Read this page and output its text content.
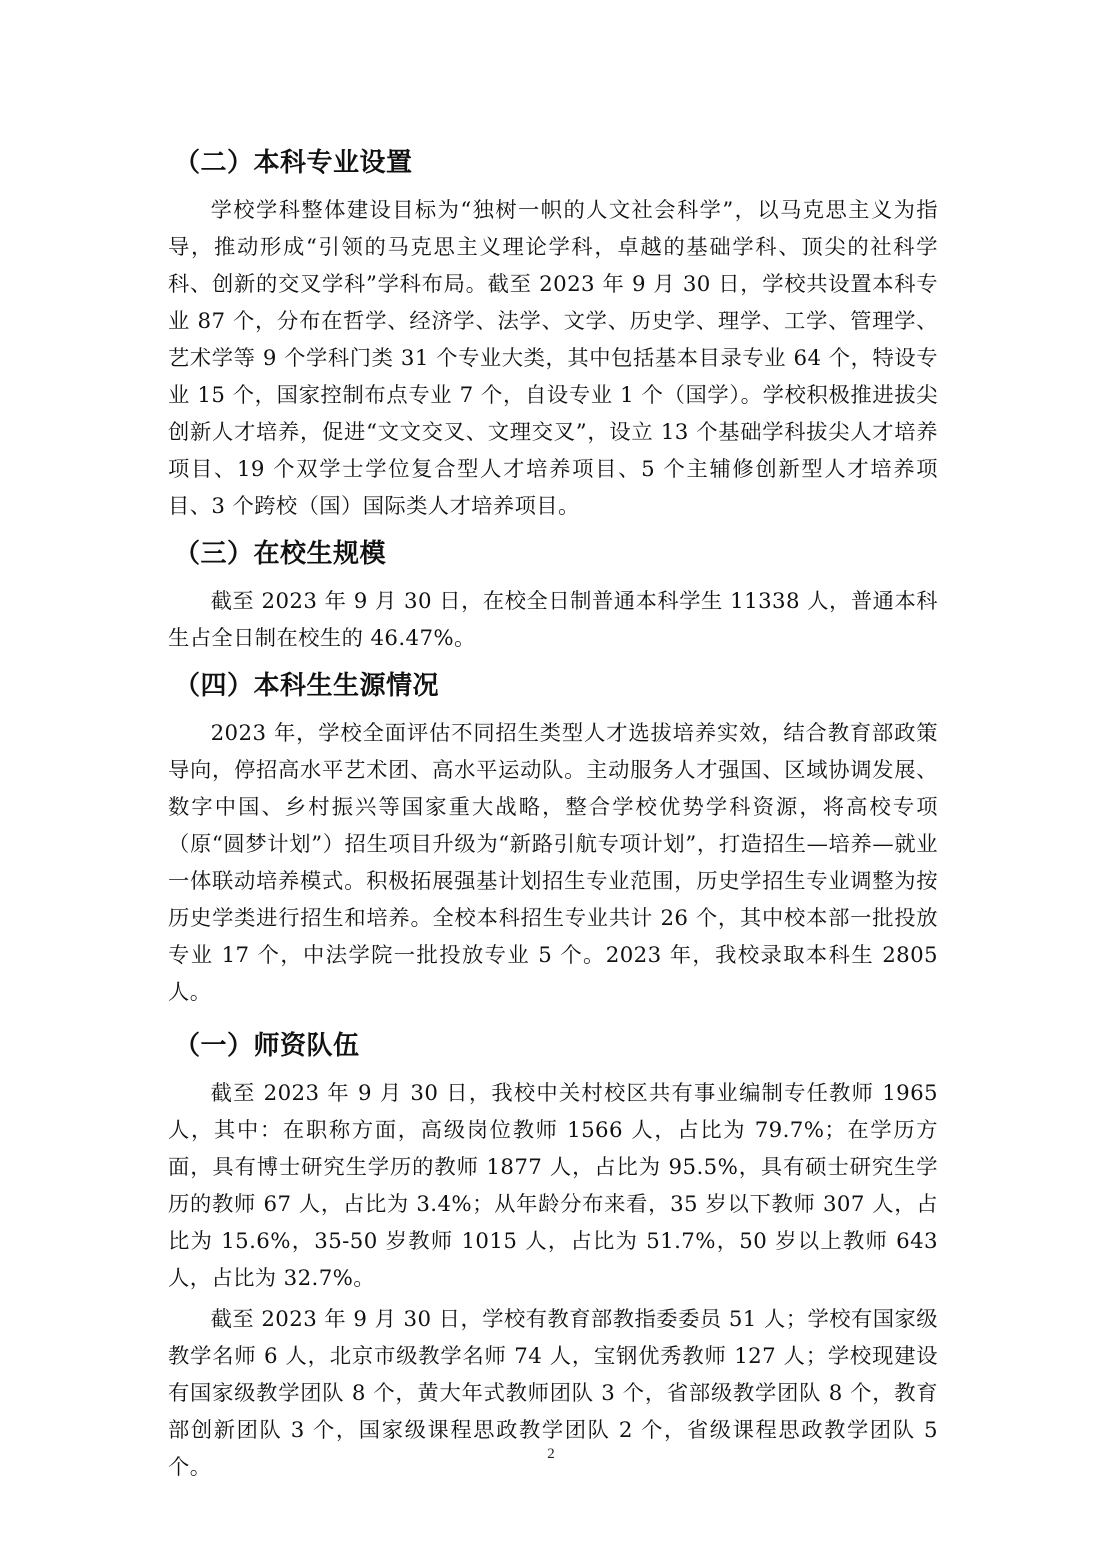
（二）本科专业设置

学校学科整体建设目标为“独树一帜的人文社会科学”，以马克思主义为指导，推动形成“引领的马克思主义理论学科，卓越的基础学科、顶尖的社科学科、创新的交叉学科”学科布局。截至 2023 年 9 月 30 日，学校共设置本科专业 87 个，分布在哲学、经济学、法学、文学、历史学、理学、工学、管理学、艺术学等 9 个学科门类 31 个专业大类，其中包括基本目录专业 64 个，特设专业 15 个，国家控制布点专业 7 个，自设专业 1 个（国学）。学校积极推进拔尖创新人才培养，促进“文文交叉、文理交叉”，设立 13 个基础学科拔尖人才培养项目、19 个双学士学位复合型人才培养项目、5 个主辅修创新型人才培养项目、3 个跨校（国）国际类人才培养项目。

（三）在校生规模

截至 2023 年 9 月 30 日，在校全日制普通本科学生 11338 人，普通本科生占全日制在校生的 46.47%。

（四）本科生生源情况

2023 年，学校全面评估不同招生类型人才选拔培养实效，结合教育部政策导向，停招高水平艺术团、高水平运动队。主动服务人才强国、区域协调发展、数字中国、乡村振兴等国家重大战略，整合学校优势学科资源，将高校专项（原“圆梦计划”）招生项目升级为“新路引航专项计划”，打造招生—培养—就业一体联动培养模式。积极拓展强基计划招生专业范围，历史学招生专业调整为按历史学类进行招生和培养。全校本科招生专业共计 26 个，其中校本部一批投放专业 17 个，中法学院一批投放专业 5 个。2023 年，我校录取本科生 2805 人。

（一）师资队伍

截至 2023 年 9 月 30 日，我校中关村校区共有事业编制专任教师 1965 人，其中：在职称方面，高级岗位教师 1566 人，占比为 79.7%；在学历方面，具有博士研究生学历的教师 1877 人，占比为 95.5%，具有硕士研究生学历的教师 67 人，占比为 3.4%；从年龄分布来看，35 岁以下教师 307 人，占比为 15.6%，35-50 岁教师 1015 人，占比为 51.7%，50 岁以上教师 643 人，占比为 32.7%。

截至 2023 年 9 月 30 日，学校有教育部教指委委员 51 人；学校有国家级教学名师 6 人，北京市级教学名师 74 人，宝钢优秀教师 127 人；学校现建设有国家级教学团队 8 个，黄大年式教师团队 3 个，省部级教学团队 8 个，教育部创新团队 3 个，国家级课程思政教学团队 2 个，省级课程思政教学团队 5 个。

2
